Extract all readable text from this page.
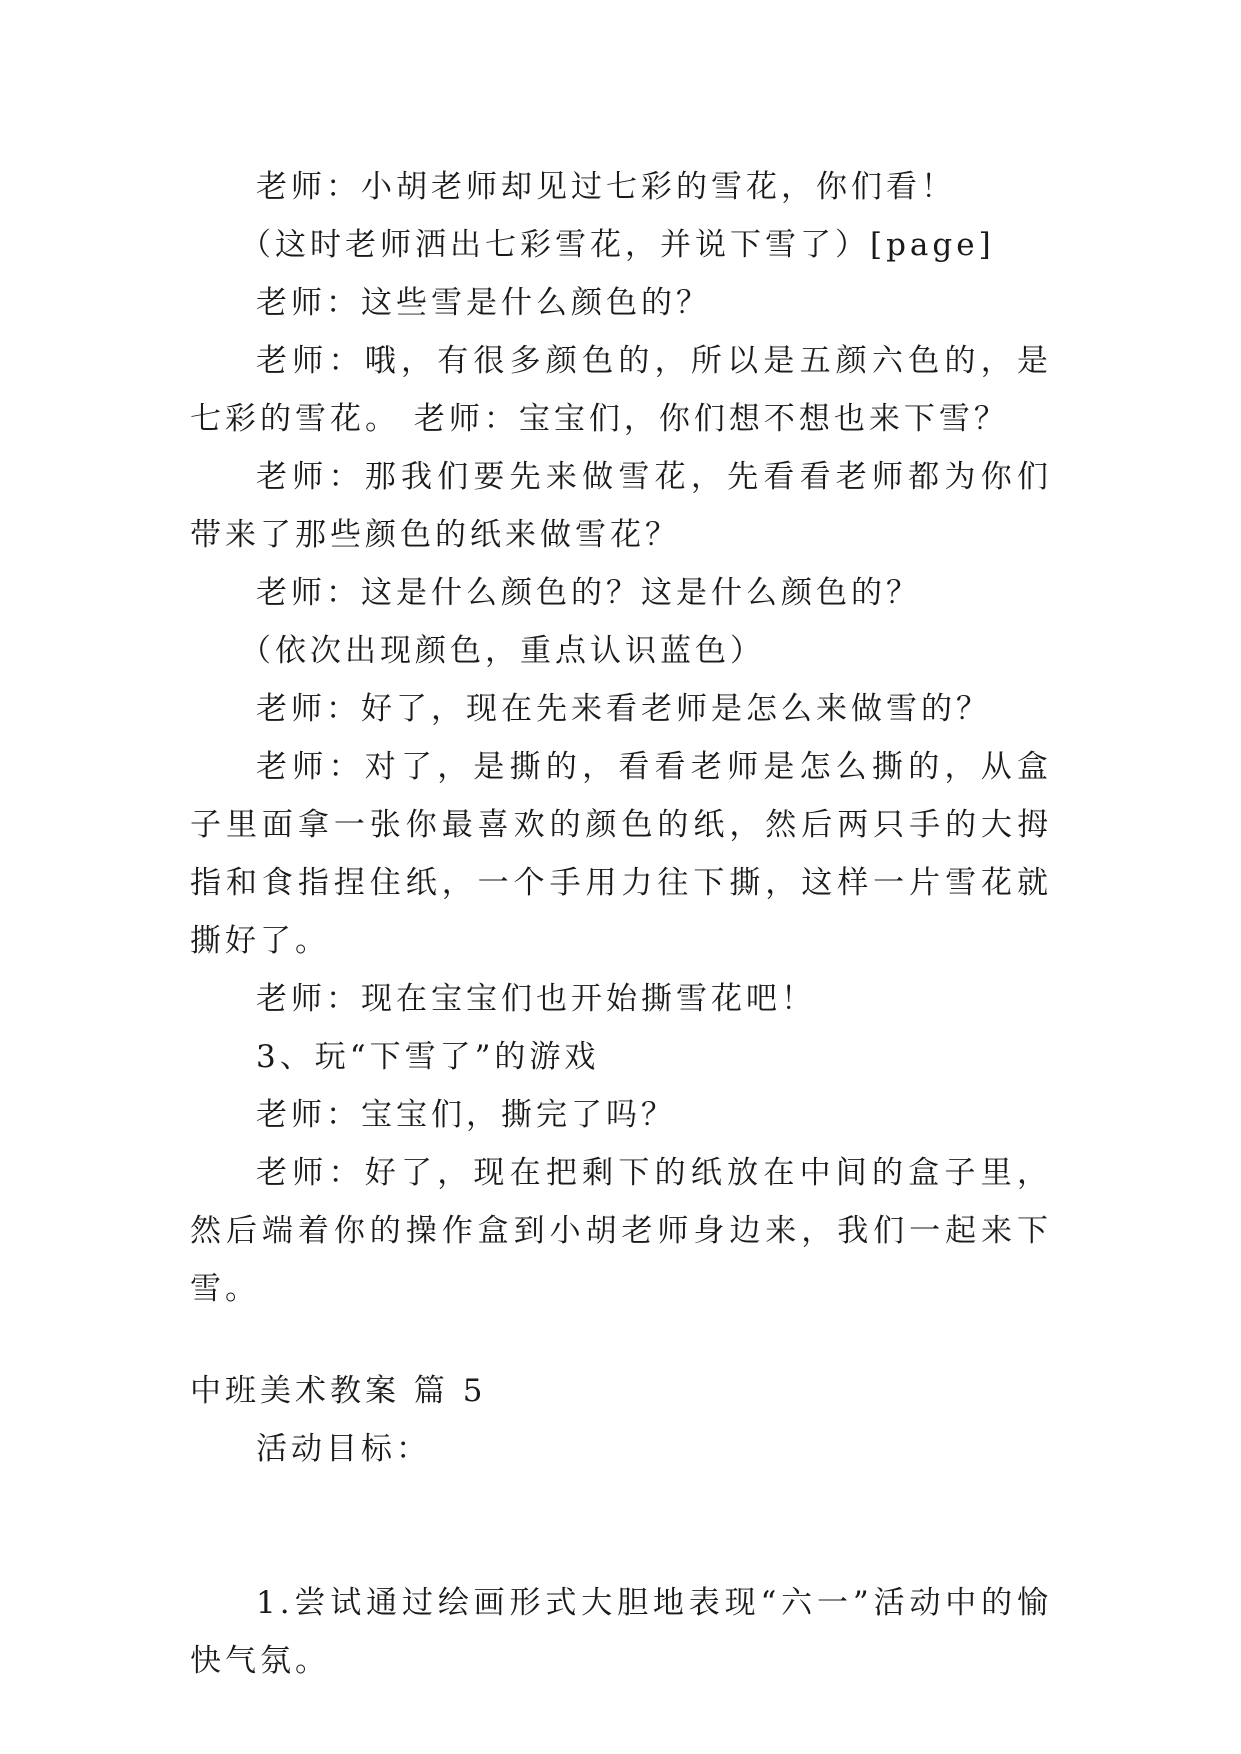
老师：小胡老师却见过七彩的雪花，你们看！

（这时老师洒出七彩雪花，并说下雪了）[page]

老师：这些雪是什么颜色的？

老师：哦，有很多颜色的，所以是五颜六色的，是七彩的雪花。 老师：宝宝们，你们想不想也来下雪？

老师：那我们要先来做雪花，先看看老师都为你们带来了那些颜色的纸来做雪花？

老师：这是什么颜色的？这是什么颜色的？

（依次出现颜色，重点认识蓝色）

老师：好了，现在先来看老师是怎么来做雪的？

老师：对了，是撕的，看看老师是怎么撕的，从盒子里面拿一张你最喜欢的颜色的纸，然后两只手的大拇指和食指捏住纸，一个手用力往下撕，这样一片雪花就撕好了。

老师：现在宝宝们也开始撕雪花吧！

3、玩“下雪了”的游戏

老师：宝宝们，撕完了吗？

老师：好了，现在把剩下的纸放在中间的盒子里，然后端着你的操作盒到小胡老师身边来，我们一起来下雪。

中班美术教案 篇 5

活动目标：

1.尝试通过绘画形式大胆地表现“六一”活动中的愉快气氛。
